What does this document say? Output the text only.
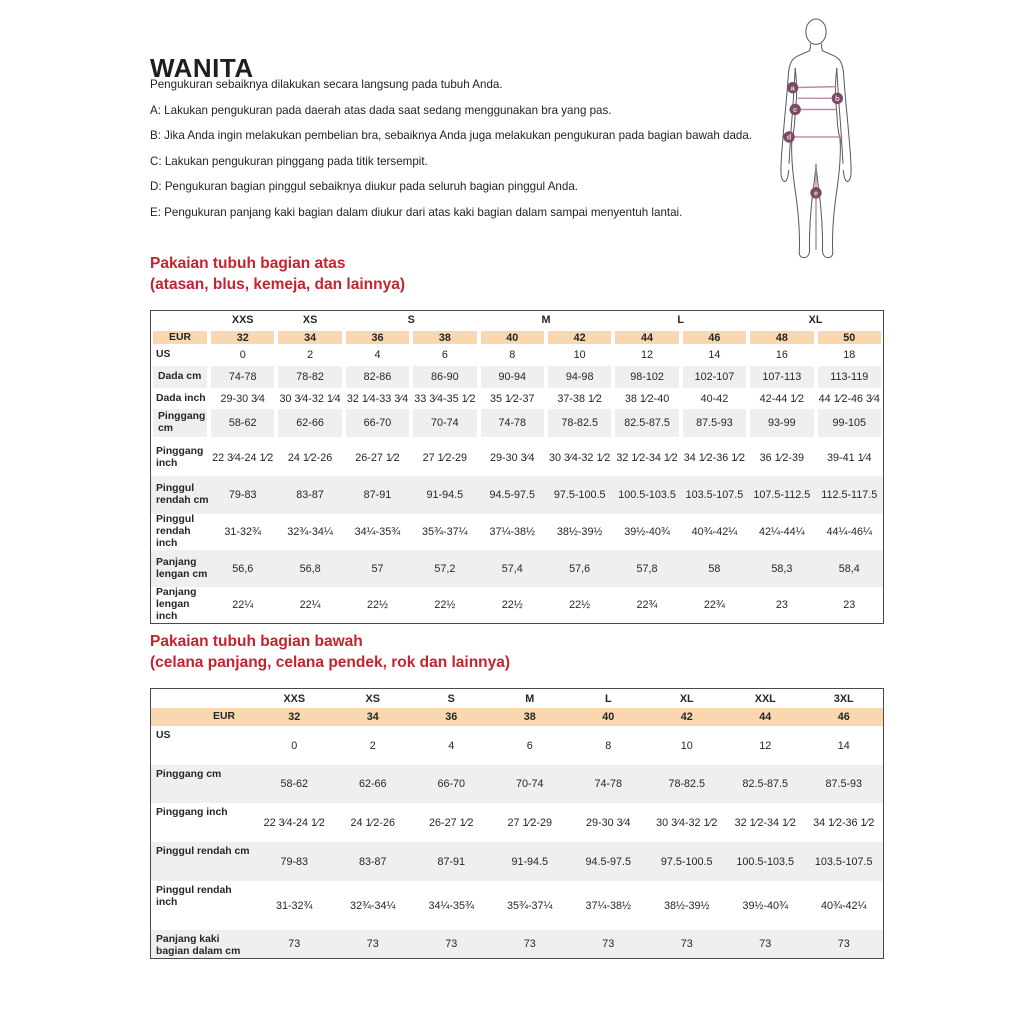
WANITA

Pengukuran sebaiknya dilakukan secara langsung pada tubuh Anda.

A: Lakukan pengukuran pada daerah atas dada saat sedang menggunakan bra yang pas.

B: Jika Anda ingin melakukan pembelian bra, sebaiknya Anda juga melakukan pengukuran pada bagian bawah dada.

C: Lakukan pengukuran pinggang pada titik tersempit.

D: Pengukuran bagian pinggul sebaiknya diukur pada seluruh bagian pinggul Anda.

E: Pengukuran panjang kaki bagian dalam diukur dari atas kaki bagian dalam sampai menyentuh lantai.

a
b
c
d
e
Pakaian tubuh bagian atas
(atasan, blus, kemeja, dan lainnya)
	XXS	XS	S		M		L		XL	
EUR	32	34	36	38	40	42	44	46	48	50
US	0	2	4	6	8	10	12	14	16	18
Dada cm	74-78	78-82	82-86	86-90	90-94	94-98	98-102	102-107	107-113	113-119
Dada inch	29-30 3⁄4	30 3⁄4-32 1⁄4	32 1⁄4-33 3⁄4	33 3⁄4-35 1⁄2	35 1⁄2-37	37-38 1⁄2	38 1⁄2-40	40-42	42-44 1⁄2	44 1⁄2-46 3⁄4
Pinggang cm	58-62	62-66	66-70	70-74	74-78	78-82.5	82.5-87.5	87.5-93	93-99	99-105
Pinggang inch	22 3⁄4-24 1⁄2	24 1⁄2-26	26-27 1⁄2	27 1⁄2-29	29-30 3⁄4	30 3⁄4-32 1⁄2	32 1⁄2-34 1⁄2	34 1⁄2-36 1⁄2	36 1⁄2-39	39-41 1⁄4
Pinggul rendah cm	79-83	83-87	87-91	91-94.5	94.5-97.5	97.5-100.5	100.5-103.5	103.5-107.5	107.5-112.5	112.5-117.5
Pinggul rendah inch	31-32¾	32¾-34¼	34¼-35¾	35¾-37¼	37¼-38½	38½-39½	39½-40¾	40¾-42¼	42¼-44¼	44¼-46¼
Panjang lengan cm	56,6	56,8	57	57,2	57,4	57,6	57,8	58	58,3	58,4
Panjang lengan inch	22¼	22¼	22½	22½	22½	22½	22¾	22¾	23	23
Pakaian tubuh bagian bawah
(celana panjang, celana pendek, rok dan lainnya)
	XXS	XS	S	M	L	XL	XXL	3XL
EUR	32	34	36	38	40	42	44	46
US	0	2	4	6	8	10	12	14
Pinggang cm	58-62	62-66	66-70	70-74	74-78	78-82.5	82.5-87.5	87.5-93
Pinggang inch	22 3⁄4-24 1⁄2	24 1⁄2-26	26-27 1⁄2	27 1⁄2-29	29-30 3⁄4	30 3⁄4-32 1⁄2	32 1⁄2-34 1⁄2	34 1⁄2-36 1⁄2
Pinggul rendah cm	79-83	83-87	87-91	91-94.5	94.5-97.5	97.5-100.5	100.5-103.5	103.5-107.5
Pinggul rendah inch	31-32¾	32¾-34¼	34¼-35¾	35¾-37¼	37¼-38½	38½-39½	39½-40¾	40¾-42¼
Panjang kaki bagian dalam cm	73	73	73	73	73	73	73	73
